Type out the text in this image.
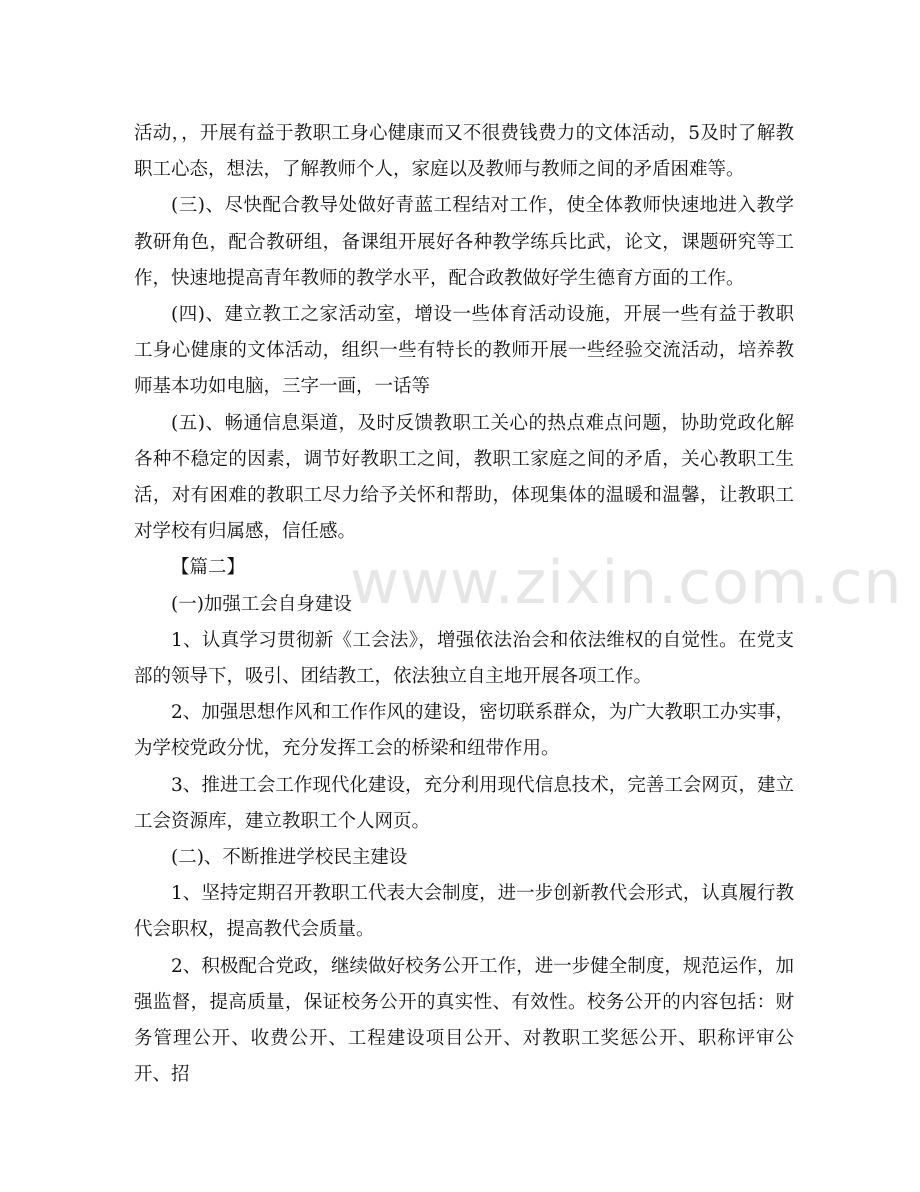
www.zixin.com.cn

活动，，开展有益于教职工身心健康而又不很费钱费力的文体活动，5及时了解教职工心态，想法，了解教师个人，家庭以及教师与教师之间的矛盾困难等。

(三)、尽快配合教导处做好青蓝工程结对工作，使全体教师快速地进入教学教研角色，配合教研组，备课组开展好各种教学练兵比武，论文，课题研究等工作，快速地提高青年教师的教学水平，配合政教做好学生德育方面的工作。

(四)、建立教工之家活动室，增设一些体育活动设施，开展一些有益于教职工身心健康的文体活动，组织一些有特长的教师开展一些经验交流活动，培养教师基本功如电脑，三字一画，一话等

(五)、畅通信息渠道，及时反馈教职工关心的热点难点问题，协助党政化解各种不稳定的因素，调节好教职工之间，教职工家庭之间的矛盾，关心教职工生活，对有困难的教职工尽力给予关怀和帮助，体现集体的温暖和温馨，让教职工对学校有归属感，信任感。

【篇二】

(一)加强工会自身建设

1、认真学习贯彻新《工会法》，增强依法治会和依法维权的自觉性。在党支部的领导下，吸引、团结教工，依法独立自主地开展各项工作。

2、加强思想作风和工作作风的建设，密切联系群众，为广大教职工办实事，为学校党政分忧，充分发挥工会的桥梁和纽带作用。

3、推进工会工作现代化建设，充分利用现代信息技术，完善工会网页，建立工会资源库，建立教职工个人网页。

(二)、不断推进学校民主建设

1、坚持定期召开教职工代表大会制度，进一步创新教代会形式，认真履行教代会职权，提高教代会质量。

2、积极配合党政，继续做好校务公开工作，进一步健全制度，规范运作，加强监督，提高质量，保证校务公开的真实性、有效性。校务公开的内容包括：财务管理公开、收费公开、工程建设项目公开、对教职工奖惩公开、职称评审公开、招
